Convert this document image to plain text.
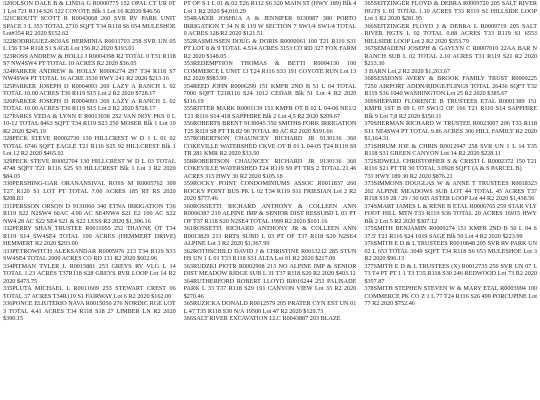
320OLSON DALE B & LINDA G R0000775 152 OPAL CT UR 0T 1 Lot 721 R114 S26 122 COYOTE Blk 1 Lot 16 R2020 $46.56

321CROUTT SCOTT R R0043068 260 SVR RV PARK UNIT SPACE 3 L 353 TOTAL 2710 SQFT T34 R118 S6 654 MULESHOE Lot#354 R2 2020 $152.62

322RODRIGUEZ-ROJAS HERMINIA R0011703 258 SVR UN 05 L 156 T34 R118 S1 SAGE Lot 156 R2 2020 $193.01

323ROSS ANDREW & HOLLI J R0004398 R2 TOTAL 0 T31 R118 S7 NW4SW4 PT TOTAL 10 ACRES R2 2020 $36.05

324PARKER ANDREW & HOLLY R0006274 297 T34 R118 S7 NW4SW4 PT TOTAL 16 ACRE 3530 HWY 241 R2 2020 $213.16

325PARKER JOSEPH D R0004093 269 LAZY A RANCH L 02 TOTAL 10.00 ACRES T36 R119 S15 Lot 2 R2 2020 $728.17

326PARKER JOSEPH D R0004093 269 LAZY A RANCH L 02 TOTAL 10.00 ACRES T36 R119 S15 Lot 2 R2 2020 $728.17

327PARKS VEDA & LYNN E R0013038 232 VAN NOY PKS 0 L 10-12 TOTAL 8463 SQFT T34 R119 S23 250 MOSER Blk 1 Lot 10 R2 2020 $245.19

328PECK STEVE R0002730 130 HILLCREST W D 1 L 01 02 TOTAL 6746 SQFT EAGLE T21 R116 S25 92 HILLCREST Blk 1 Lot 12 R2 2020 $465.02

329PECK STEVE R0002704 130 HILLCREST W D L 03 TOTAL 4748 SQFT T21 R116 S25 93 HILLCREST Blk 1 Lot 3 R2 2020 $84.03

330PERSHING-GAR ORANANSIVAL ROSS M R0005762 309 T27 R120 S1 LOT PT TOTAL 7.00 ACRES 185 RT RS 2020 $208.83

331PERSSON ORSON D 9131060 340 ETNA IRRIGATION T36 R119 S22 N2SW4 60AC 4.90 AC SE4NW4 S21 E2 100 AC S22 NW4 28 AC S22 SE4 S21 & S22 LESS R2 2020 $1,396.16

332PERRY SHAN TRUSTEE R0011055 252 THAYNE OT T34 R119 S14 SW4SE4 TOTAL 100 ACRES (HEMMERT DRIVE) HEMMERT R2 2020 $293.00

333PETROWITCH ALEKSANDAR R0005976 213 T34 R119 S33 SW4SE4 TOTAL 2000 ACRES CO RD 131 R2 2020 $602.96

334PITMAN TYLER L R0015881 253 GREYS RV VLG L 14 TOTAL 1.23 ACRES T37R118 S28 GREYS RVR LOOP Lot 14 R2 2020 $473.75

335PLUTA MICHAEL L R0011609 253 STEWART CREST 06 TOTAL 37 ACRES T34R119 S1 FAIRWAY Lot 6 R2 2020 $162.00

336PONCE ELIUTERIO NAVA R0015050 276 NORDIC RGE LOT 3 TOTAL 4.41 ACRES T34 R118 S18 27 LIMBER LN R2 2020 $390.15

PT OF S 1 L 01 & 02 T26 R112 S6 320 MAIN ST (HWY 189) Blk 4 Lot 1 R2 2020 $4,010.29

354RAKER JOSHUA A & JENNIFER 9130987 380 PORTO IRRIGATION T 34 N R 119 W SECTION 7 SW1/4 SW1/4 TOTAL 0 ACRES 128 R2 2020 $121.51

352RASMUSSEN DOUG & DORIS R0000061 100 T21 R116 S31 PT LOT 8 & 9 TOTAL 4.514 ACRES 3153 CO RD 327 FOX FARM R2 2020 $148.05

353REDEMPTION THOMAS & BETTI R0004130 100 COMMERCE L UNIT 13 T24 R116 S33 191 COYOTE RUN Lot 13 R2 2020 $983.99

354REED JOHN R0006299 151 KMFR 2ND B 51 L 04 TOTAL 7000 SQFT T21R116 S24 1012 CEDAR Blk 51 Lot 4 R2 2020 $116.19

355RITTER MARK R0001139 151 KMFR OT B 02 L 04-06 NE1/2 T21 R116 S14 418 SAPPHIRE Blk 2 Lot 4,5 R2 2020 $209.67

356ROBERTS BRENT 9130045 350 SMITHS FORK IRRIGATION T25 R119 S8 PT TR 82 96 TOTAL 80 AC R2 2020 $191.66

357ROBERTSON CHAUNCEY RICHARD JR 9130136 360 COKEVILLE WATERSHED CKVE OT B 01 L 04-05 T24 R119 S9 TR 281 KMR R2 2020 $33.50

358ROBERTSON CHAUNCEY RICHARD JR 9130136 360 COKEVILLE WATERSHED T24 R119 S9 PT TRS 2 TOTAL 21.46 ACRES 315 HWY 30 R2 2020 $105.18

359ROCKY POINT CONDOMINIUMS ASSOC R0011837 260 ROCKY POINT BUS PK L 02 T34 R119 S11 FRIESIAN Lot 2 R2 2020 $777.46

360ROSSETTI RICHARD ANTHONY & COLLEEN ANN R0006387 210 ALPINE IMP & SENIOR DIST RESSUBD L 03 PT OF T37 R118 S20 N2SE4 TOTAL 1999 R2 2020 $101.16

361ROSSETTI RICHARD ANTHONY JR & COLLEEN ANN R0013829 213 RRTS SUBD L 03 PT OF T37 R118 S20 N2SE4 ALPINE Lot 3 R2 2020 $1,367.99

362ROTHSCHILD DAVID J & CHRISTINE R0013212 285 STUN HS UN 1 L 01 T33 R118 S31 ALTA Lot 01 R2 2020 $217.09

363RUDZKI PIOTR R0002908 213 NO ALPINE IMP & SENIOR DIST MEADOW RIDGE SUB L 31 T37 R118 S20 R2 2020 $403.12

364RUTHERFORD ROBERT LLOYD R0016244 253 PALISADE PARK L 33 T37 R118 S29 191 CANYON VIEW Lot 33 R2 2020 $270.46

365RUZICKA DONALD R0012579 205 PRATER CYN EST UN 01 L 47 T35 R118 S30 N/A 19500 Lot 47 R2 2020 $129.73

366SALT RIVER EXCAVATION LLC R0043887 203 BLAZE

365SEITZINGER FLOYD & DEBRA R0009720 205 SALT RIVER HGTS L 01 TOTAL 1.10 ACRES T33 R119 S1 HILLSIDE LOOP Lot 1 R2 2020 $281.95

366SEITZINGER FLOYD J & DEBRA L R0009719 205 SALT RIVER HGTS L 02 TOTAL 0.88 ACRES T33 R119 S1 6553 HILLSIDE LOOP Lot 2 R2 2020 $353.79

367SEMADENI JOSEPH & GAYLYN C R0007010 22AA BAR N RANCH SUB L 02 TOTAL 2.10 ACRES T31 R119 S21 R2 2020 $213.30

3 BARN Lot 2 R2 2020 $1,263.67

368SESSIONS AVERY & BROOK FAMILY TRUST R0009225 7250 AIRPORT ADDN/RIDGE/FLINGS TOTAL 26436 SQFT T32 R119 S36 1040 WASHINGTON Lot 25 R2 2020 $385.67

369SHEPARD FLORENCE B TRUSTEES ETAL R0001389 151 KMFR 1ST B 09 L 07 SW1/2 OF 166 T21 R116 S14 SAPPHIRE Blk 9 Lot 7,8 R2 2020 $150.11

370SHERMAN RICHARD W TRUSTEE R0023007 206 T33 R118 S11 NE4SW4 PT TOTAL 9.86 ACRES 306 HILL FAMILY R2 2020 $1,164.31

371SHRUM JOE & CHRIS R0012947 258 SVR UN 1 L 14 T35 R118 S31 GREEN CANYON Lot 14 R2 2020 $228.11

372SIDWELL CHRISTOPHER S & CRISTI L R0002372 150 T21 R116 S21 PT TR 30 TOTAL 3.0928 SQFT (A & S PARCEL B)

731 HWY 189 30 R2 2020 $876.21

373SIMMONS DOUGLAS W & ANNE T TRUSTEES R0018323 202 ALPINE MEADOWS SUB LOT 44 TOTAL 45 ACRES T37 R118 S19 28 / 29 / 30 605 ASTER LOOP Lot 44 R2 2020 $1,438.56

374SMART JAMES L & RENE B ETAL R0006765 259 STAR VLY FOOT HILL MTN T33 R119 S36 TOTAL 20 ACRES 16915 HWY Blk 2 Lot 5 R2 2020 $307.12

375SMITH BENJAMIN R0009274 151 KMFR 2ND B 50 L 04 S 37.5' T21 R116 S24 1019 SAGE Blk 50 Lot 4 R2 2020 $223.99

376SMITH E D & L TRUSTEES R0010848 205 SVR RV PARK UN 02 L 653 TOTAL 3049 SQFT T34 R118 S6 653 MULESHOE Lot 3 R2 2020 $96.13

377SMITH E D & L TRUSTEES (X) R0012735 250 SVR UN 07 L 73 T4 PT PT 1 1 T3 T35 R118 S30 246 REDWOOD Lot 73 R2 2020 $357.87

378SMITH STEPHEN STEVEN W & MARY ETAL R0003994 100 COMMERCE PK CO Z 1 L 77 T24 R116 S26 490 PORCUPINE Lot 77 R2 2020 $752.46
